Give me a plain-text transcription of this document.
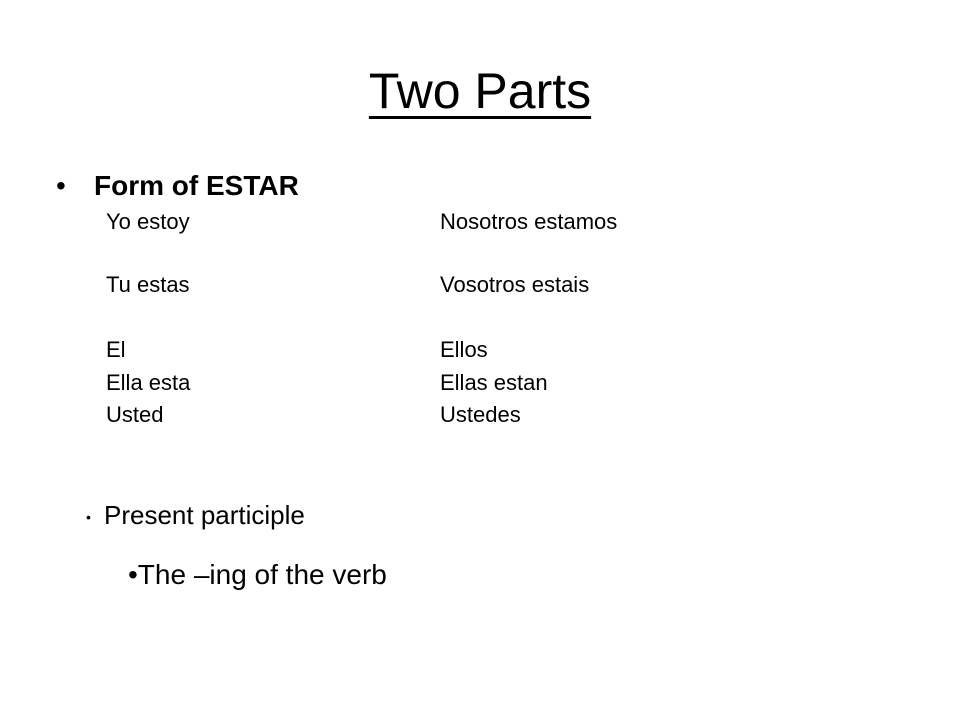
Two Parts
• Form of ESTAR
Yo estoy	Nosotros estamos
Tu estas	Vosotros estais
El	Ellos
Ella esta	Ellas estan
Usted	Ustedes
• Present participle
•The –ing of the verb
